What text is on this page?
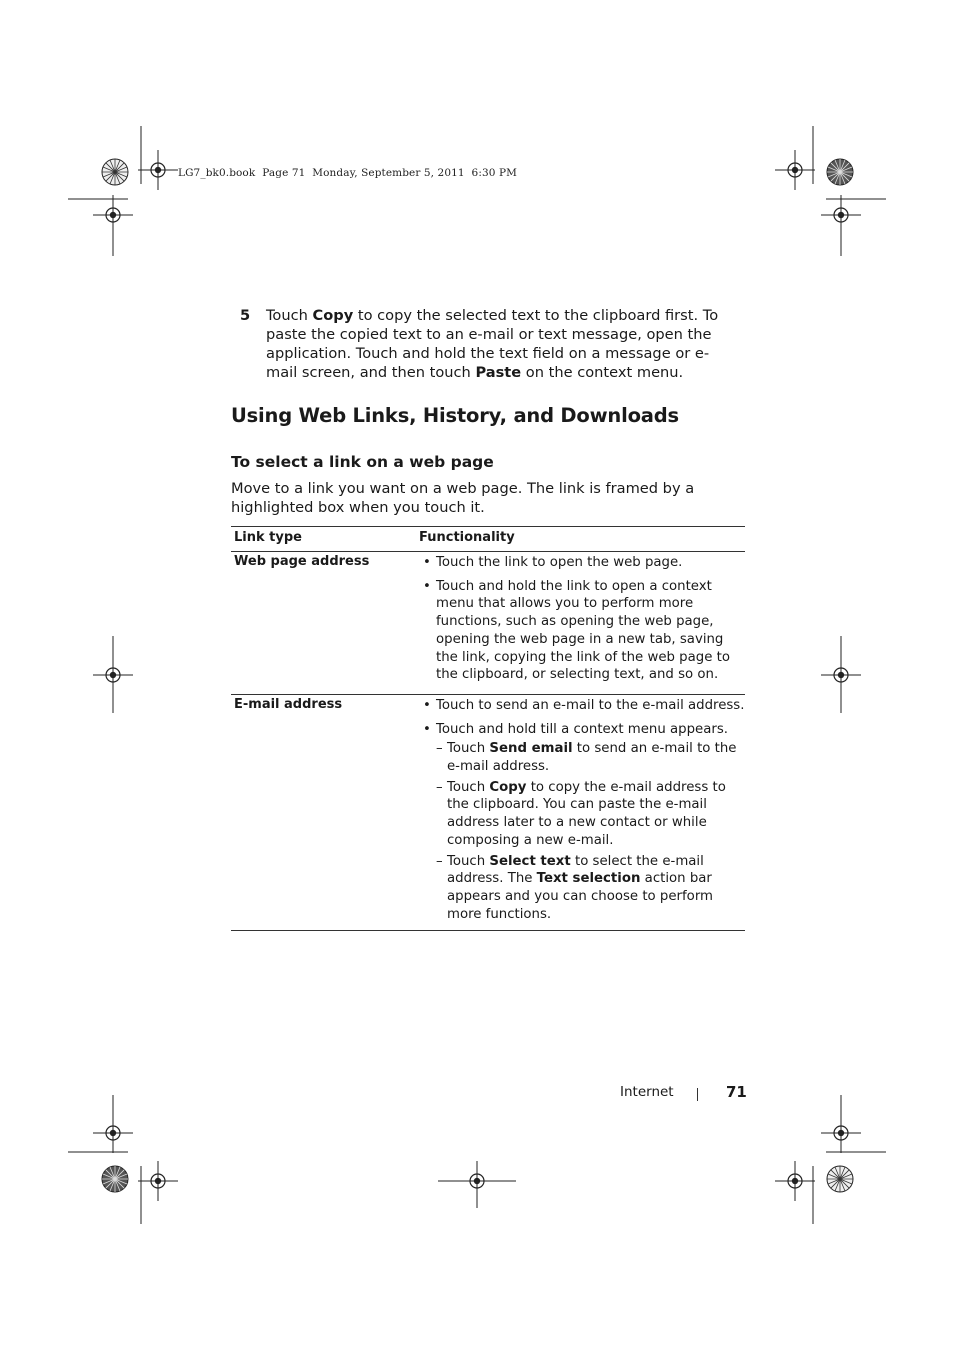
LG7_bk0.book  Page 71  Monday, September 5, 2011  6:30 PM
5 Touch Copy to copy the selected text to the clipboard first. To paste the copied text to an e-mail or text message, open the application. Touch and hold the text field on a message or e-mail screen, and then touch Paste on the context menu.
Using Web Links, History, and Downloads
To select a link on a web page
Move to a link you want on a web page. The link is framed by a highlighted box when you touch it.
Link type	Functionality
Web page address	• Touch the link to open the web page.
• Touch and hold the link to open a context menu that allows you to perform more functions, such as opening the web page, opening the web page in a new tab, saving the link, copying the link of the web page to the clipboard, or selecting text, and so on.
E-mail address	• Touch to send an e-mail to the e-mail address.
• Touch and hold till a context menu appears.
– Touch Send email to send an e-mail to the e-mail address.
– Touch Copy to copy the e-mail address to the clipboard. You can paste the e-mail address later to a new contact or while composing a new e-mail.
– Touch Select text to select the e-mail address. The Text selection action bar appears and you can choose to perform more functions.
Internet	71
